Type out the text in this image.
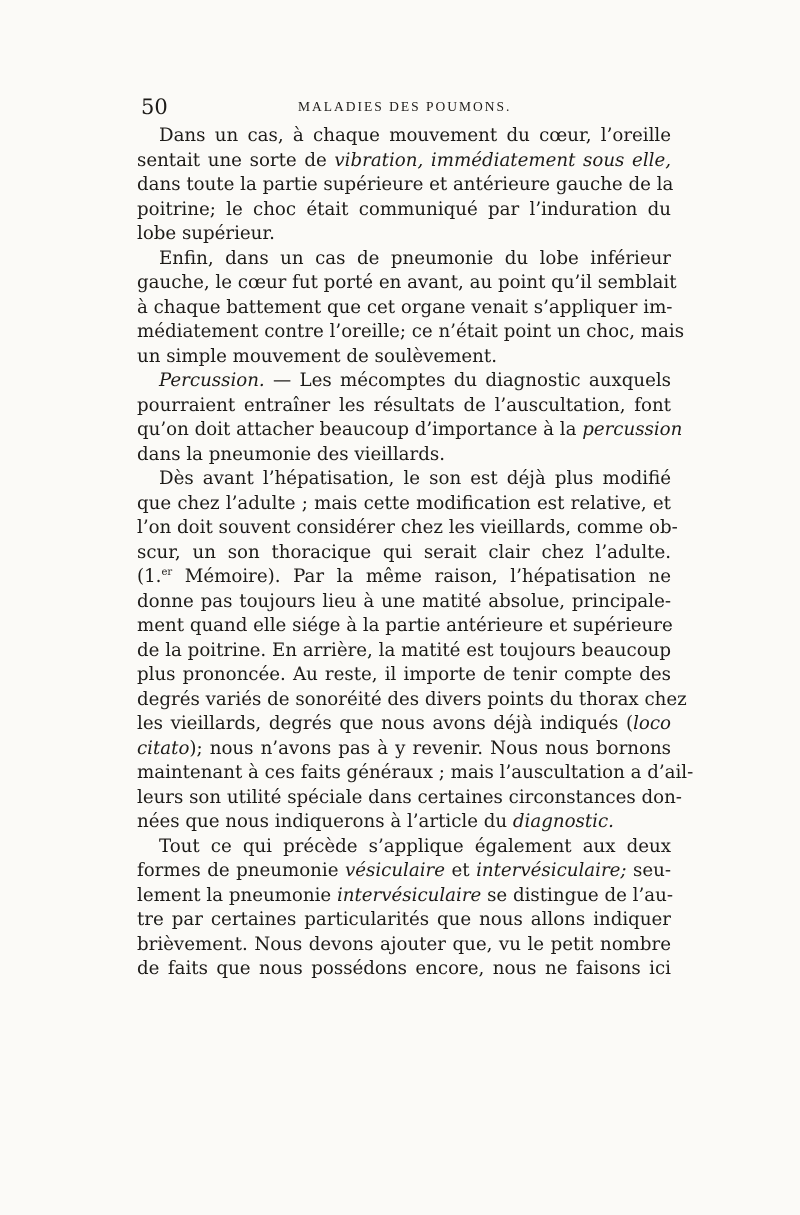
50	MALADIES DES POUMONS.
Dans un cas, à chaque mouvement du cœur, l’oreille
sentait une sorte de vibration, immédiatement sous elle,
dans toute la partie supérieure et antérieure gauche de la
poitrine; le choc était communiqué par l’induration du
lobe supérieur.
Enfin, dans un cas de pneumonie du lobe inférieur
gauche, le cœur fut porté en avant, au point qu’il semblait
à chaque battement que cet organe venait s’appliquer im-
médiatement contre l’oreille; ce n’était point un choc, mais
un simple mouvement de soulèvement.
Percussion. — Les mécomptes du diagnostic auxquels
pourraient entraîner les résultats de l’auscultation, font
qu’on doit attacher beaucoup d’importance à la percussion
dans la pneumonie des vieillards.
Dès avant l’hépatisation, le son est déjà plus modifié
que chez l’adulte ; mais cette modification est relative, et
l’on doit souvent considérer chez les vieillards, comme ob-
scur, un son thoracique qui serait clair chez l’adulte.
(1.$^{er}$ Mémoire). Par la même raison, l’hépatisation ne
donne pas toujours lieu à une matité absolue, principale-
ment quand elle siége à la partie antérieure et supérieure
de la poitrine. En arrière, la matité est toujours beaucoup
plus prononcée. Au reste, il importe de tenir compte des
degrés variés de sonoréité des divers points du thorax chez
les vieillards, degrés que nous avons déjà indiqués (loco
citato); nous n’avons pas à y revenir. Nous nous bornons
maintenant à ces faits généraux ; mais l’auscultation a d’ail-
leurs son utilité spéciale dans certaines circonstances don-
nées que nous indiquerons à l’article du diagnostic.
Tout ce qui précède s’applique également aux deux
formes de pneumonie vésiculaire et intervésiculaire; seu-
lement la pneumonie intervésiculaire se distingue de l’au-
tre par certaines particularités que nous allons indiquer
brièvement. Nous devons ajouter que, vu le petit nombre
de faits que nous possédons encore, nous ne faisons ici
